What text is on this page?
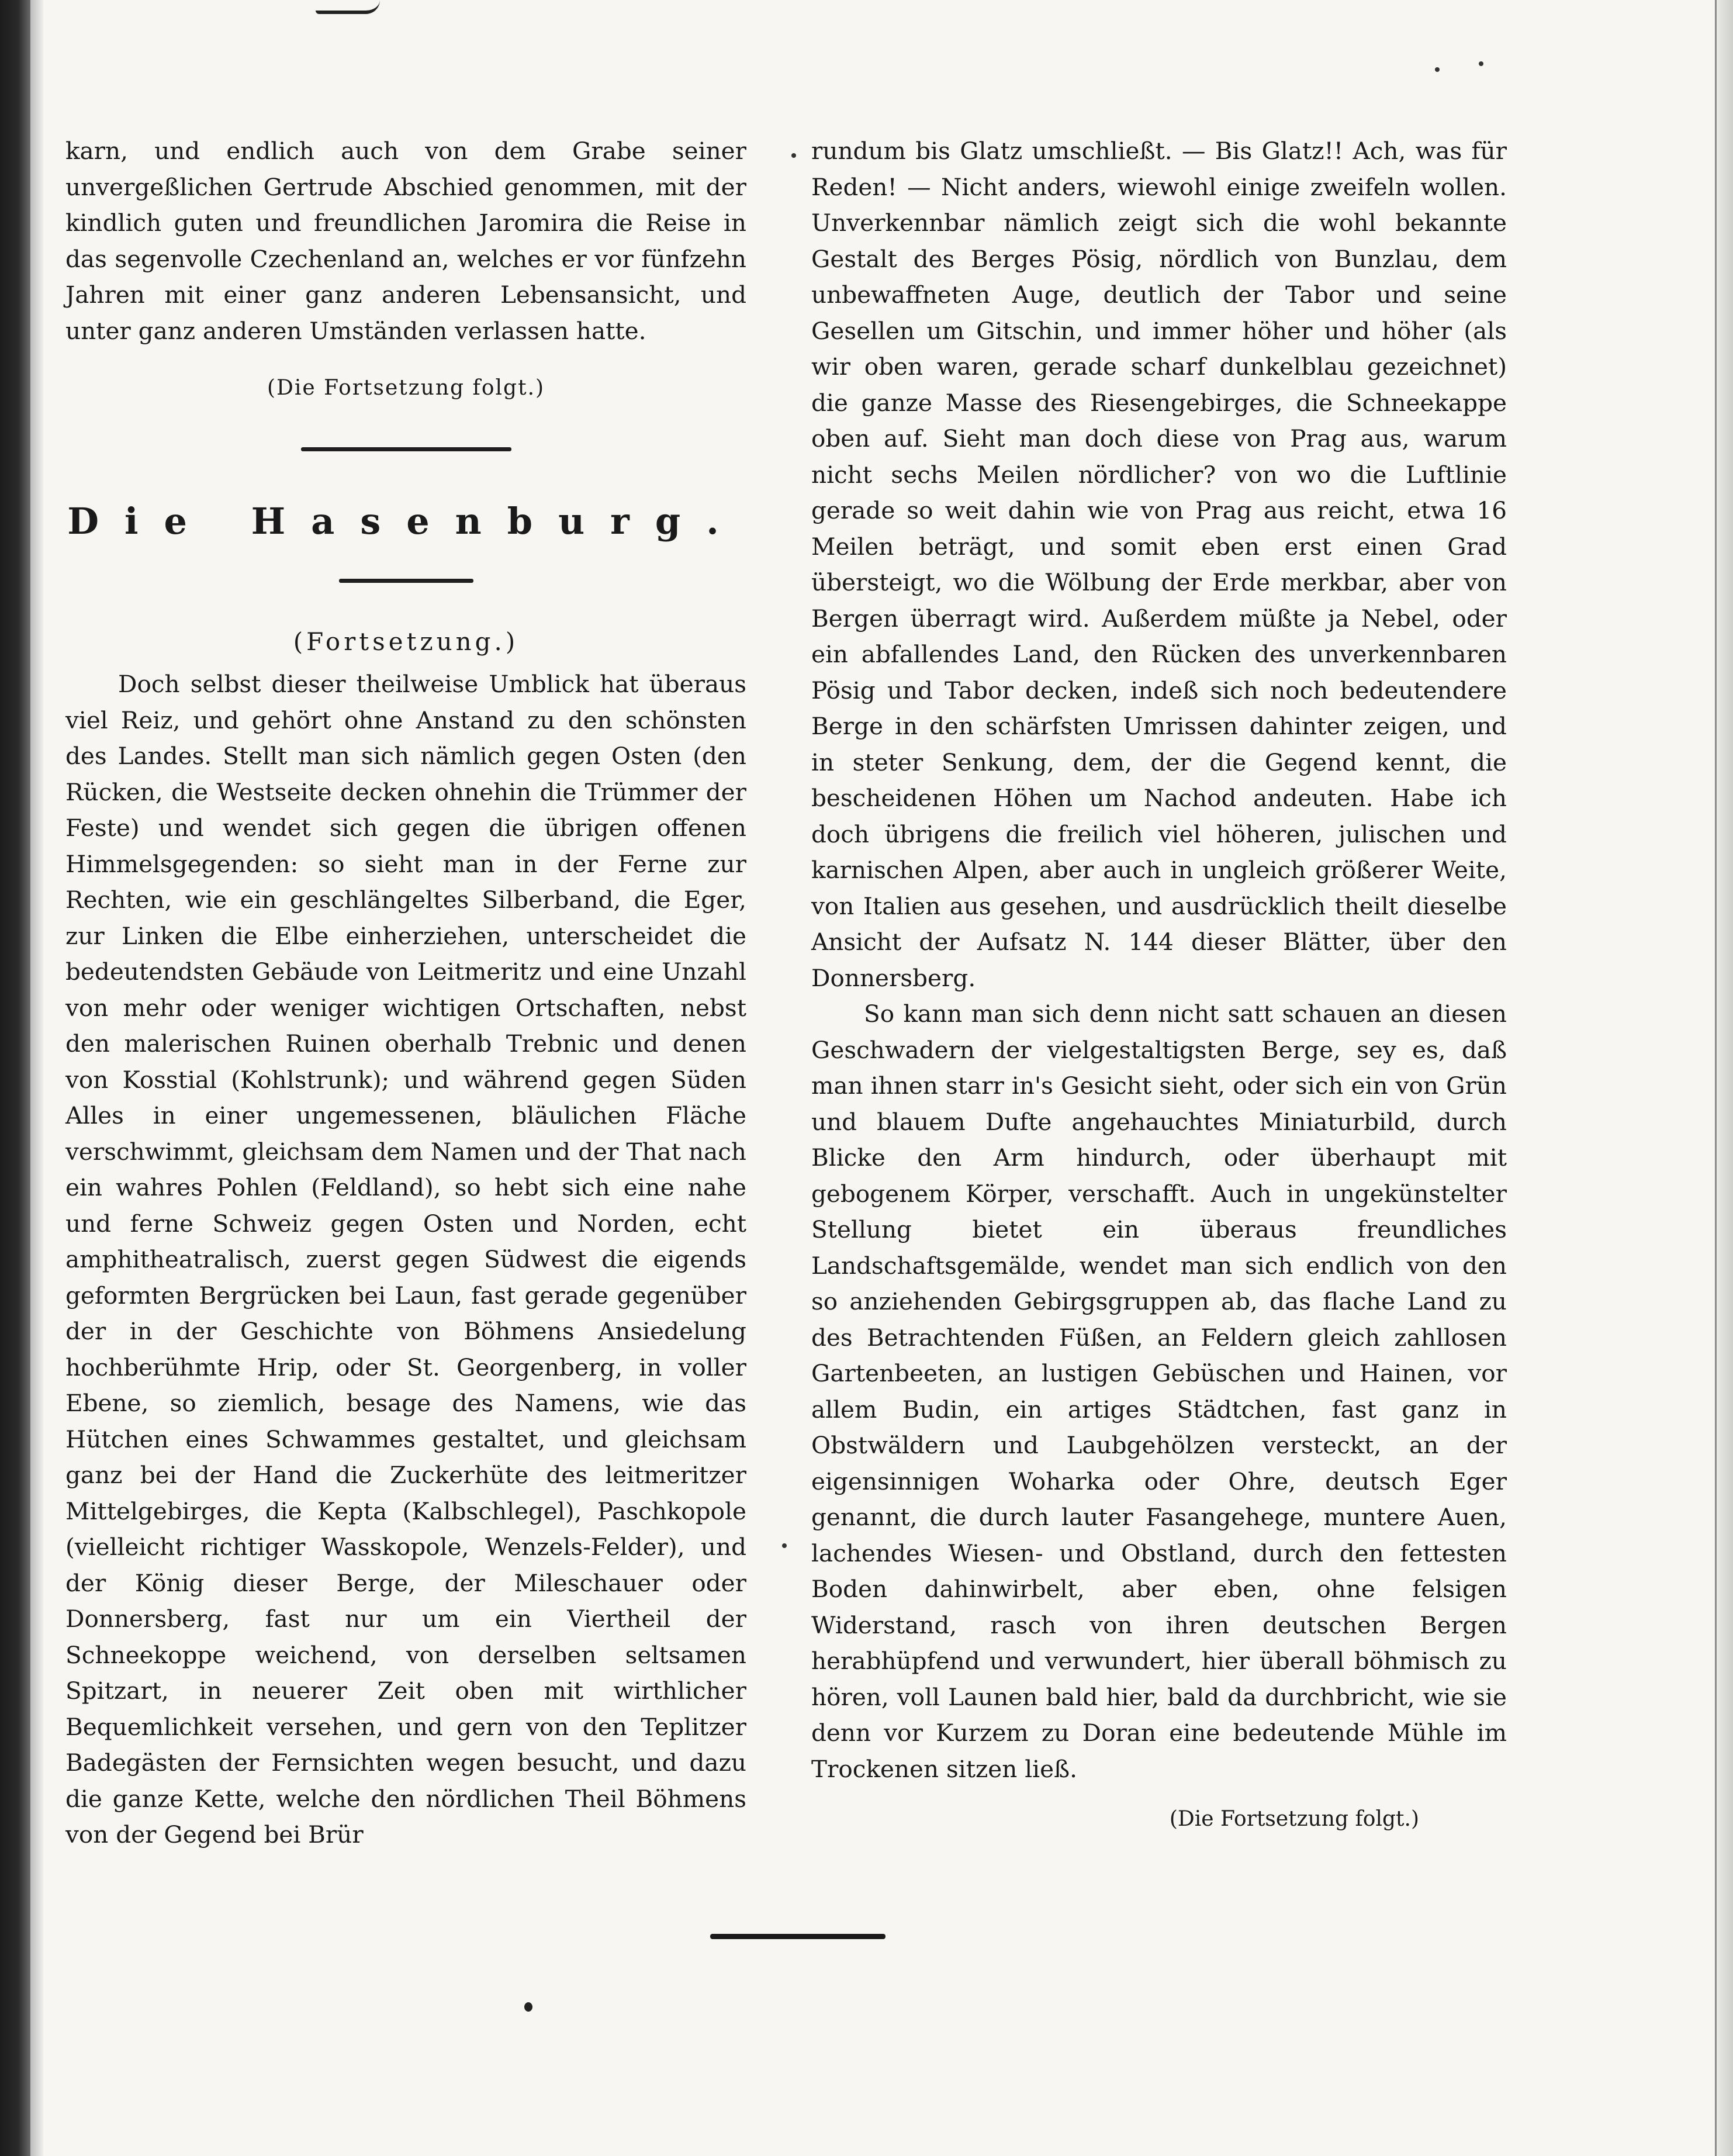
karn, und endlich auch von dem Grabe seiner unvergeßlichen Gertrude Abschied genommen, mit der kindlich guten und freundlichen Jaromira die Reise in das segenvolle Czechenland an, welches er vor fünfzehn Jahren mit einer ganz anderen Lebensansicht, und unter ganz anderen Umständen verlassen hatte.

(Die Fortsetzung folgt.)

Die Hasenburg.

(Fortsetzung.)

Doch selbst dieser theilweise Umblick hat überaus viel Reiz, und gehört ohne Anstand zu den schönsten des Landes. Stellt man sich nämlich gegen Osten (den Rücken, die Westseite decken ohnehin die Trümmer der Feste) und wendet sich gegen die übrigen offenen Himmelsgegenden: so sieht man in der Ferne zur Rechten, wie ein geschlängeltes Silberband, die Eger, zur Linken die Elbe einherziehen, unterscheidet die bedeutendsten Gebäude von Leitmeritz und eine Unzahl von mehr oder weniger wichtigen Ortschaften, nebst den malerischen Ruinen oberhalb Trebnic und denen von Kosstial (Kohlstrunk); und während gegen Süden Alles in einer ungemessenen, bläulichen Fläche verschwimmt, gleichsam dem Namen und der That nach ein wahres Pohlen (Feldland), so hebt sich eine nahe und ferne Schweiz gegen Osten und Norden, echt amphitheatralisch, zuerst gegen Südwest die eigends geformten Bergrücken bei Laun, fast gerade gegenüber der in der Geschichte von Böhmens Ansiedelung hochberühmte Hrip, oder St. Georgenberg, in voller Ebene, so ziemlich, besage des Namens, wie das Hütchen eines Schwammes gestaltet, und gleichsam ganz bei der Hand die Zuckerhüte des leitmeritzer Mittelgebirges, die Kepta (Kalbschlegel), Paschkopole (vielleicht richtiger Wasskopole, Wenzels-Felder), und der König dieser Berge, der Mileschauer oder Donnersberg, fast nur um ein Viertheil der Schneekoppe weichend, von derselben seltsamen Spitzart, in neuerer Zeit oben mit wirthlicher Bequemlichkeit versehen, und gern von den Teplitzer Badegästen der Fernsichten wegen besucht, und dazu die ganze Kette, welche den nördlichen Theil Böhmens von der Gegend bei Brür

rundum bis Glatz umschließt. — Bis Glatz!! Ach, was für Reden! — Nicht anders, wiewohl einige zweifeln wollen. Unverkennbar nämlich zeigt sich die wohl bekannte Gestalt des Berges Pösig, nördlich von Bunzlau, dem unbewaffneten Auge, deutlich der Tabor und seine Gesellen um Gitschin, und immer höher und höher (als wir oben waren, gerade scharf dunkelblau gezeichnet) die ganze Masse des Riesengebirges, die Schneekappe oben auf. Sieht man doch diese von Prag aus, warum nicht sechs Meilen nördlicher? von wo die Luftlinie gerade so weit dahin wie von Prag aus reicht, etwa 16 Meilen beträgt, und somit eben erst einen Grad übersteigt, wo die Wölbung der Erde merkbar, aber von Bergen überragt wird. Außerdem müßte ja Nebel, oder ein abfallendes Land, den Rücken des unverkennbaren Pösig und Tabor decken, indeß sich noch bedeutendere Berge in den schärfsten Umrissen dahinter zeigen, und in steter Senkung, dem, der die Gegend kennt, die bescheidenen Höhen um Nachod andeuten. Habe ich doch übrigens die freilich viel höheren, julischen und karnischen Alpen, aber auch in ungleich größerer Weite, von Italien aus gesehen, und ausdrücklich theilt dieselbe Ansicht der Aufsatz N. 144 dieser Blätter, über den Donnersberg.

So kann man sich denn nicht satt schauen an diesen Geschwadern der vielgestaltigsten Berge, sey es, daß man ihnen starr in's Gesicht sieht, oder sich ein von Grün und blauem Dufte angehauchtes Miniaturbild, durch Blicke den Arm hindurch, oder überhaupt mit gebogenem Körper, verschafft. Auch in ungekünstelter Stellung bietet ein überaus freundliches Landschaftsgemälde, wendet man sich endlich von den so anziehenden Gebirgsgruppen ab, das flache Land zu des Betrachtenden Füßen, an Feldern gleich zahllosen Gartenbeeten, an lustigen Gebüschen und Hainen, vor allem Budin, ein artiges Städtchen, fast ganz in Obstwäldern und Laubgehölzen versteckt, an der eigensinnigen Woharka oder Ohre, deutsch Eger genannt, die durch lauter Fasangehege, muntere Auen, lachendes Wiesen- und Obstland, durch den fettesten Boden dahinwirbelt, aber eben, ohne felsigen Widerstand, rasch von ihren deutschen Bergen herabhüpfend und verwundert, hier überall böhmisch zu hören, voll Launen bald hier, bald da durchbricht, wie sie denn vor Kurzem zu Doran eine bedeutende Mühle im Trockenen sitzen ließ.

(Die Fortsetzung folgt.)
